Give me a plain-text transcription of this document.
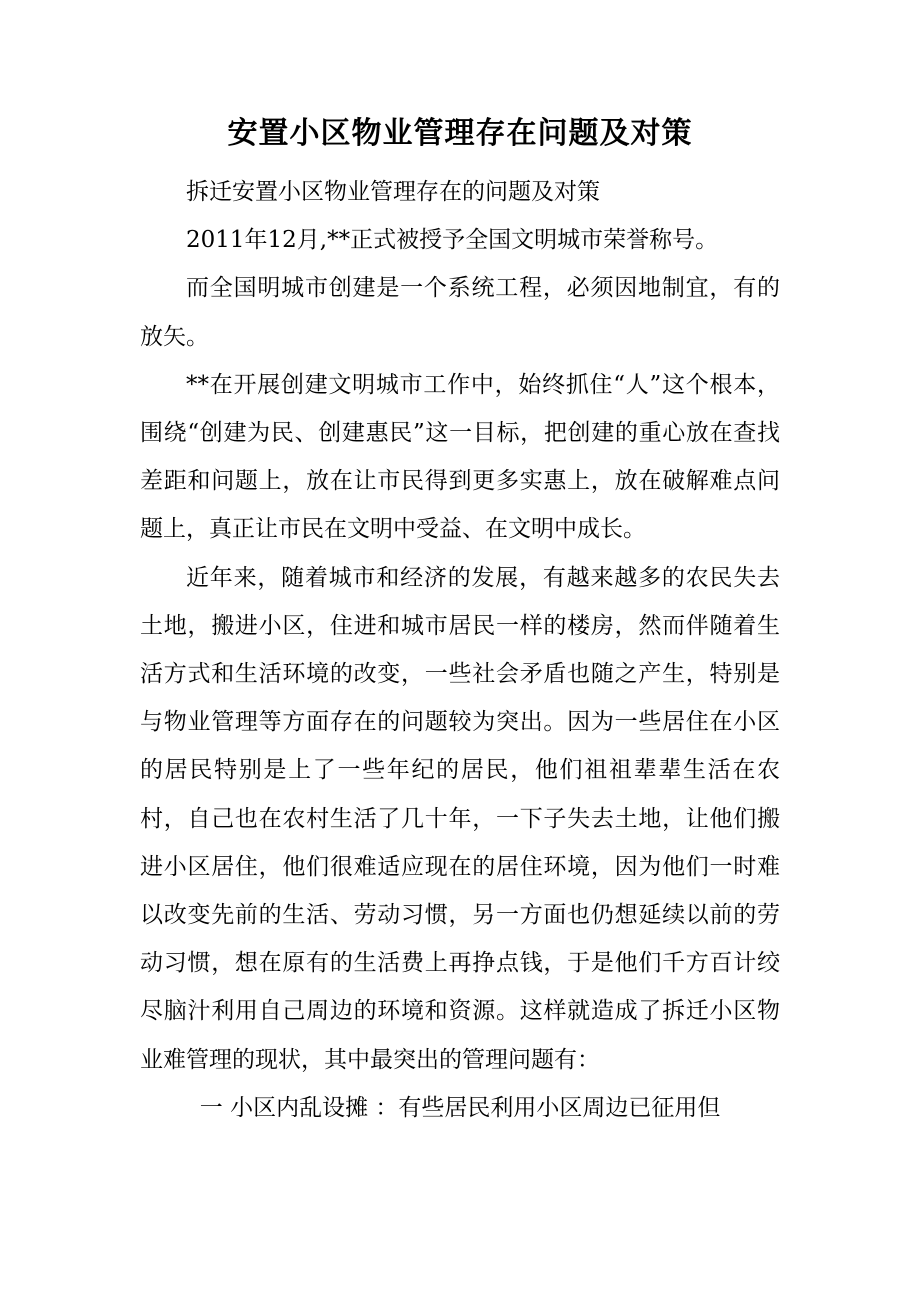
安置小区物业管理存在问题及对策

拆迁安置小区物业管理存在的问题及对策

2011年12月,**正式被授予全国文明城市荣誉称号。

而全国明城市创建是一个系统工程，必须因地制宜，有的放矢。

**在开展创建文明城市工作中，始终抓住“人”这个根本，围绕“创建为民、创建惠民”这一目标，把创建的重心放在查找差距和问题上，放在让市民得到更多实惠上，放在破解难点问题上，真正让市民在文明中受益、在文明中成长。

近年来，随着城市和经济的发展，有越来越多的农民失去土地，搬进小区，住进和城市居民一样的楼房，然而伴随着生活方式和生活环境的改变，一些社会矛盾也随之产生，特别是与物业管理等方面存在的问题较为突出。因为一些居住在小区的居民特别是上了一些年纪的居民，他们祖祖辈辈生活在农村，自己也在农村生活了几十年，一下子失去土地，让他们搬进小区居住，他们很难适应现在的居住环境，因为他们一时难以改变先前的生活、劳动习惯，另一方面也仍想延续以前的劳动习惯，想在原有的生活费上再挣点钱，于是他们千方百计绞尽脑汁利用自己周边的环境和资源。这样就造成了拆迁小区物业难管理的现状，其中最突出的管理问题有：

一 小区内乱设摊 ：有些居民利用小区周边已征用但
